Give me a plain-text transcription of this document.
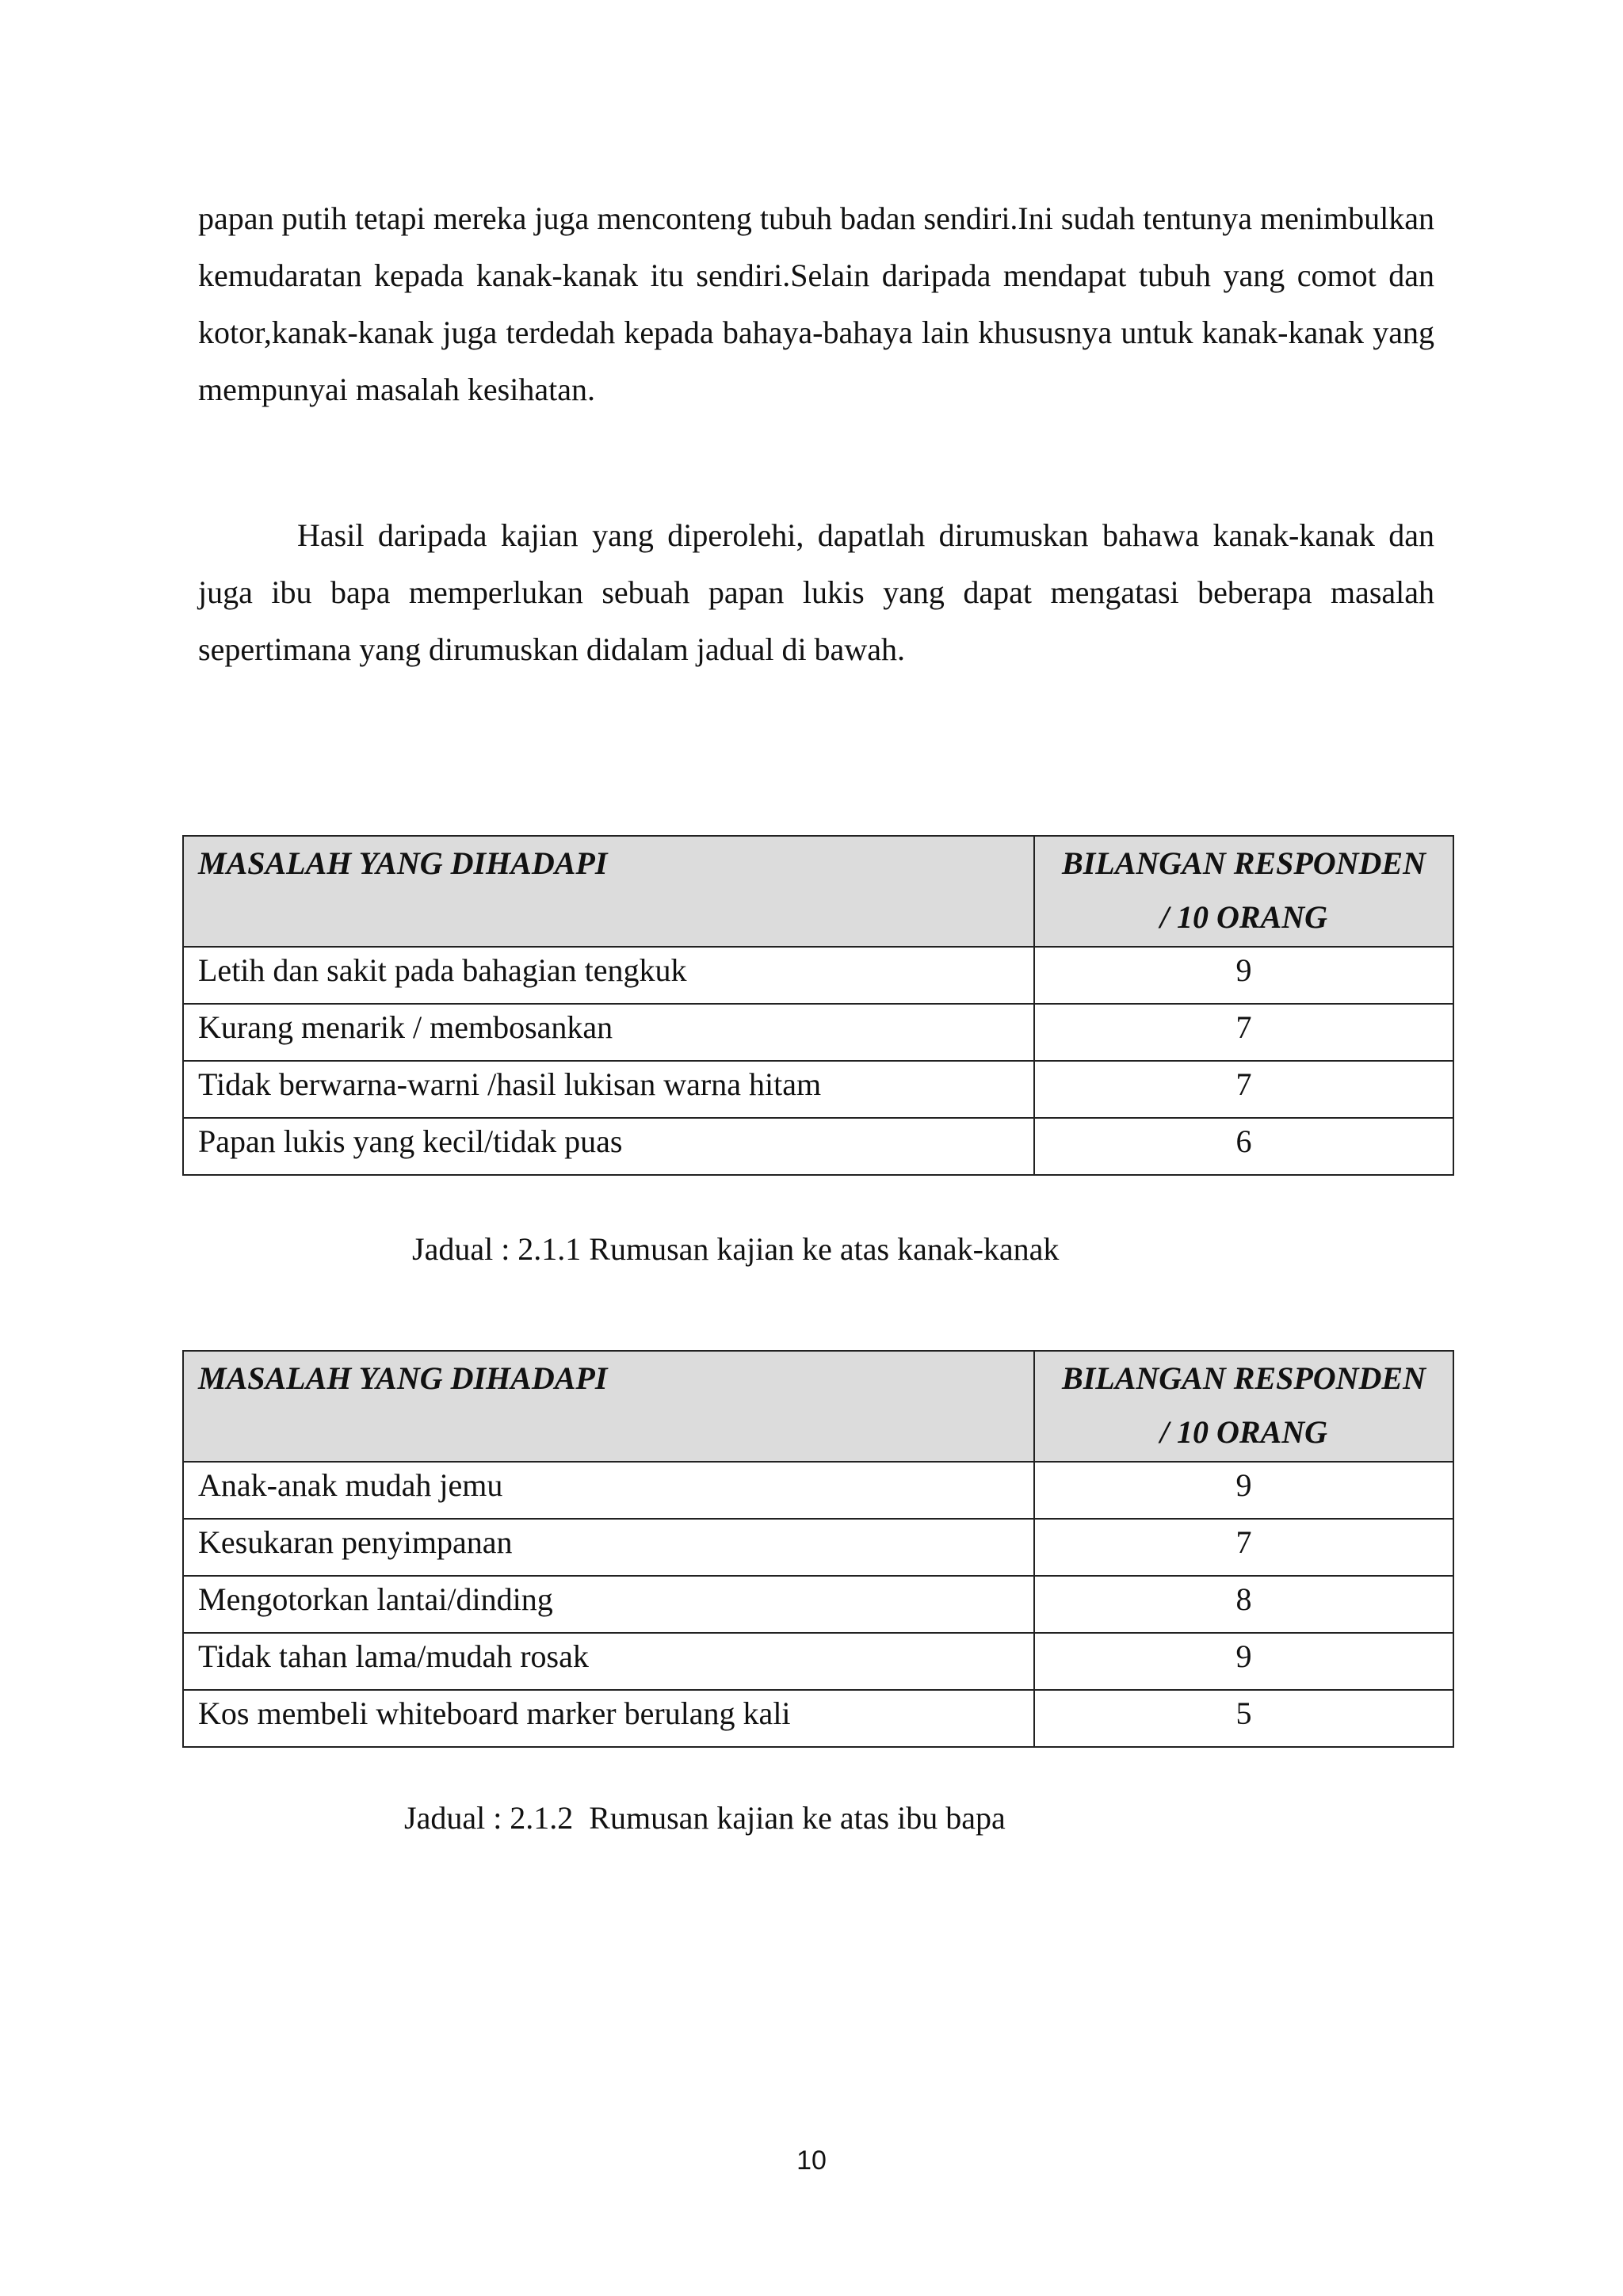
papan putih tetapi mereka juga menconteng tubuh badan sendiri.Ini sudah tentunya menimbulkan kemudaratan kepada kanak-kanak itu sendiri.Selain daripada mendapat tubuh yang comot dan kotor,kanak-kanak juga terdedah kepada bahaya-bahaya lain khususnya untuk kanak-kanak yang mempunyai masalah kesihatan.

Hasil daripada kajian yang diperolehi, dapatlah dirumuskan bahawa kanak-kanak dan juga ibu bapa memperlukan sebuah papan lukis yang dapat mengatasi beberapa masalah sepertimana yang dirumuskan didalam jadual di bawah.

MASALAH YANG DIHADAPI	BILANGAN RESPONDEN
/ 10 ORANG

Letih dan sakit pada bahagian tengkuk	9
Kurang menarik / membosankan	7
Tidak berwarna-warni /hasil lukisan warna hitam	7
Papan lukis yang kecil/tidak puas	6

Jadual : 2.1.1 Rumusan kajian ke atas kanak-kanak

MASALAH YANG DIHADAPI	BILANGAN RESPONDEN
/ 10 ORANG

Anak-anak mudah jemu	9
Kesukaran penyimpanan	7
Mengotorkan lantai/dinding	8
Tidak tahan lama/mudah rosak	9
Kos membeli whiteboard marker berulang kali	5

Jadual : 2.1.2  Rumusan kajian ke atas ibu bapa

10
